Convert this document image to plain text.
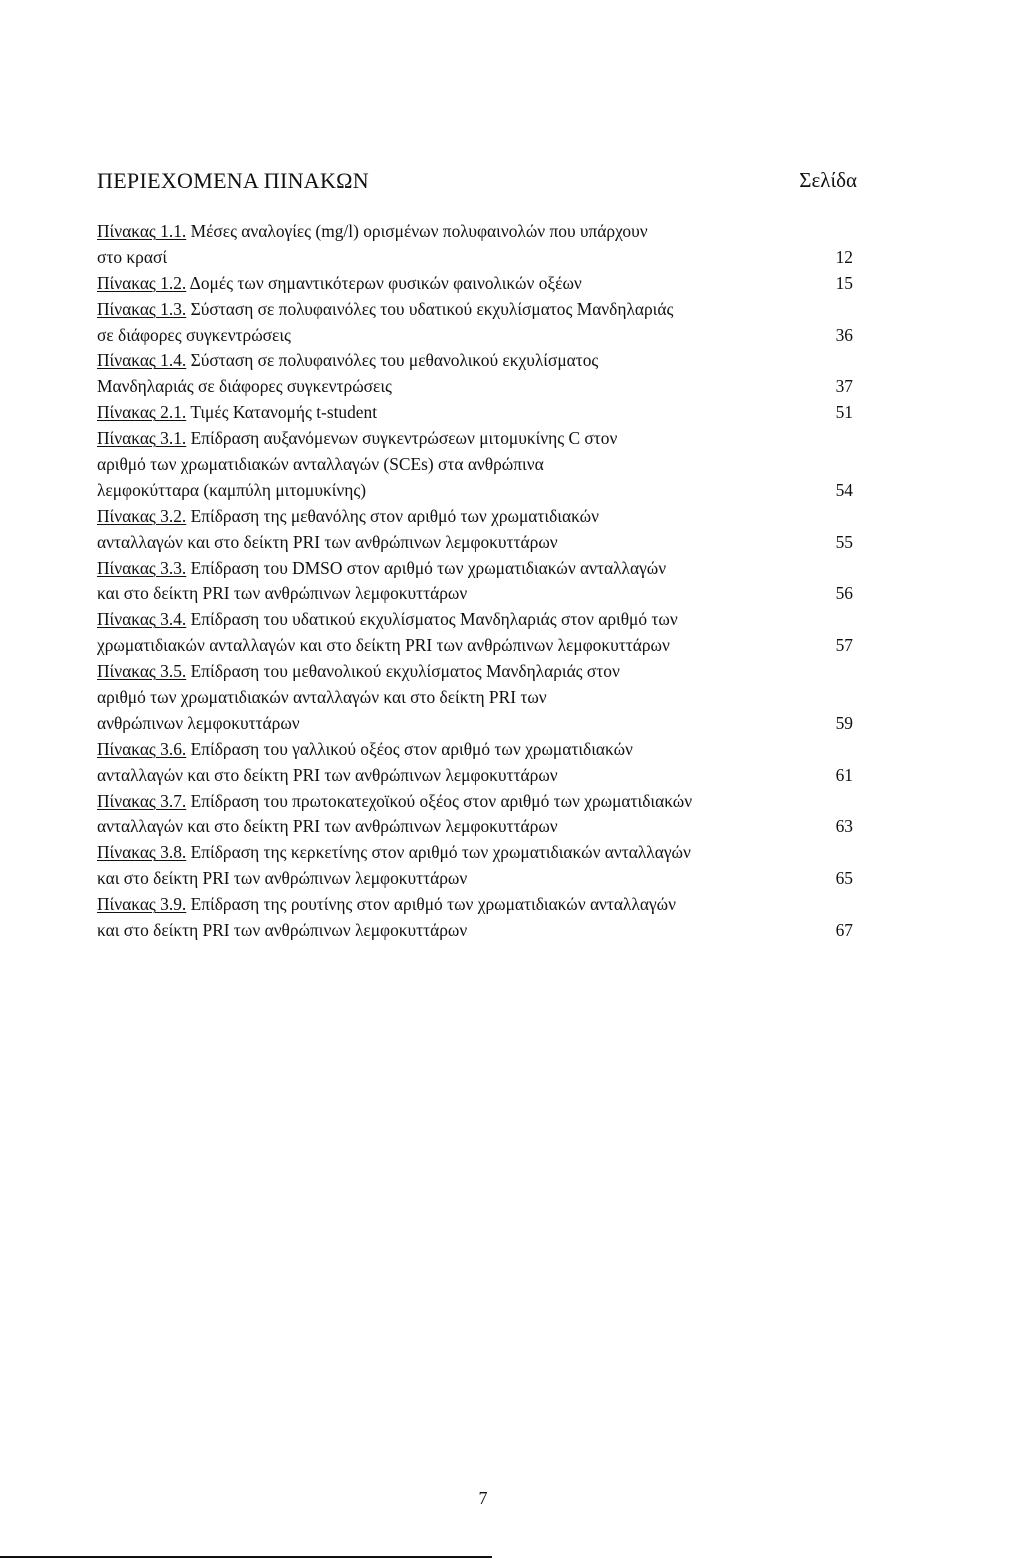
ΠΕΡΙΕΧΟΜΕΝΑ ΠΙΝΑΚΩΝ	Σελίδα
Πίνακας 1.1. Μέσες αναλογίες (mg/l) ορισμένων πολυφαινολών που υπάρχουν
στο κρασί	12
Πίνακας 1.2. Δομές των σημαντικότερων φυσικών φαινολικών οξέων	15
Πίνακας 1.3. Σύσταση σε πολυφαινόλες του υδατικού εκχυλίσματος Μανδηλαριάς
σε διάφορες συγκεντρώσεις	36
Πίνακας 1.4. Σύσταση σε πολυφαινόλες του μεθανολικού εκχυλίσματος
Μανδηλαριάς σε διάφορες συγκεντρώσεις	37
Πίνακας 2.1. Τιμές Κατανομής t-student	51
Πίνακας 3.1. Επίδραση αυξανόμενων συγκεντρώσεων μιτομυκίνης C στον
αριθμό των χρωματιδιακών ανταλλαγών (SCEs) στα ανθρώπινα
λεμφοκύτταρα (καμπύλη μιτομυκίνης)	54
Πίνακας 3.2. Επίδραση της μεθανόλης στον αριθμό των χρωματιδιακών
ανταλλαγών και στο δείκτη PRI των ανθρώπινων λεμφοκυττάρων	55
Πίνακας 3.3. Επίδραση του DMSO στον αριθμό των χρωματιδιακών ανταλλαγών
και στο δείκτη PRI των ανθρώπινων λεμφοκυττάρων	56
Πίνακας 3.4. Επίδραση του υδατικού εκχυλίσματος Μανδηλαριάς στον αριθμό των
χρωματιδιακών ανταλλαγών και στο δείκτη PRI των ανθρώπινων λεμφοκυττάρων	57
Πίνακας 3.5. Επίδραση του μεθανολικού εκχυλίσματος Μανδηλαριάς στον
αριθμό των χρωματιδιακών ανταλλαγών και στο δείκτη PRI των
ανθρώπινων λεμφοκυττάρων	59
Πίνακας 3.6. Επίδραση του γαλλικού οξέος στον αριθμό των χρωματιδιακών
ανταλλαγών και στο δείκτη PRI των ανθρώπινων λεμφοκυττάρων	61
Πίνακας 3.7. Επίδραση του πρωτοκατεχοϊκού οξέος στον αριθμό των χρωματιδιακών
ανταλλαγών και στο δείκτη PRI των ανθρώπινων λεμφοκυττάρων	63
Πίνακας 3.8. Επίδραση της κερκετίνης στον αριθμό των χρωματιδιακών ανταλλαγών
και στο δείκτη PRI των ανθρώπινων λεμφοκυττάρων	65
Πίνακας 3.9. Επίδραση της ρουτίνης στον αριθμό των χρωματιδιακών ανταλλαγών
και στο δείκτη PRI των ανθρώπινων λεμφοκυττάρων	67
7
